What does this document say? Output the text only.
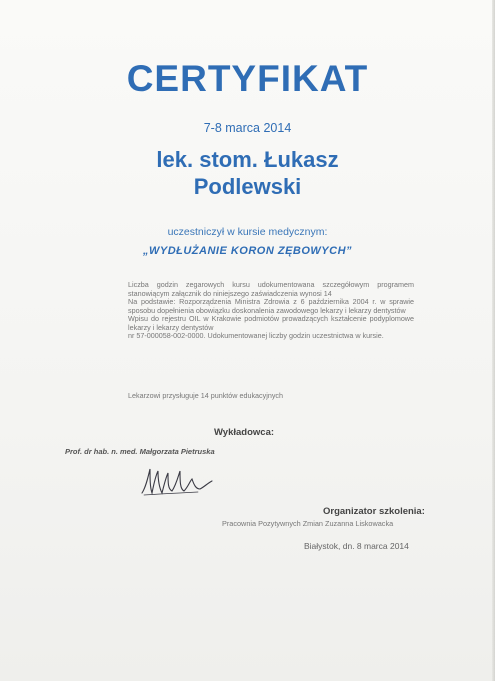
CERTYFIKAT
7-8 marca 2014
lek. stom. Łukasz
Podlewski
uczestniczył w kursie medycznym:
„WYDŁUŻANIE KORON ZĘBOWYCH”

Liczba godzin zegarowych kursu udokumentowana szczegółowym programem stanowiącym załącznik do niniejszego zaświadczenia wynosi 14

Na podstawie: Rozporządzenia Ministra Zdrowia z 6 października 2004 r. w sprawie sposobu dopełnienia obowiązku doskonalenia zawodowego lekarzy i lekarzy dentystów

Wpisu do rejestru OIL w Krakowie podmiotów prowadzących kształcenie podyplomowe lekarzy i lekarzy dentystów

nr 57-000058-002-0000. Udokumentowanej liczby godzin uczestnictwa w kursie.

Lekarzowi przysługuje 14 punktów edukacyjnych
Wykładowca:
Prof. dr hab. n. med. Małgorzata Pietruska
Organizator szkolenia:
Pracownia Pozytywnych Zmian Zuzanna Liskowacka
Białystok, dn. 8 marca 2014
